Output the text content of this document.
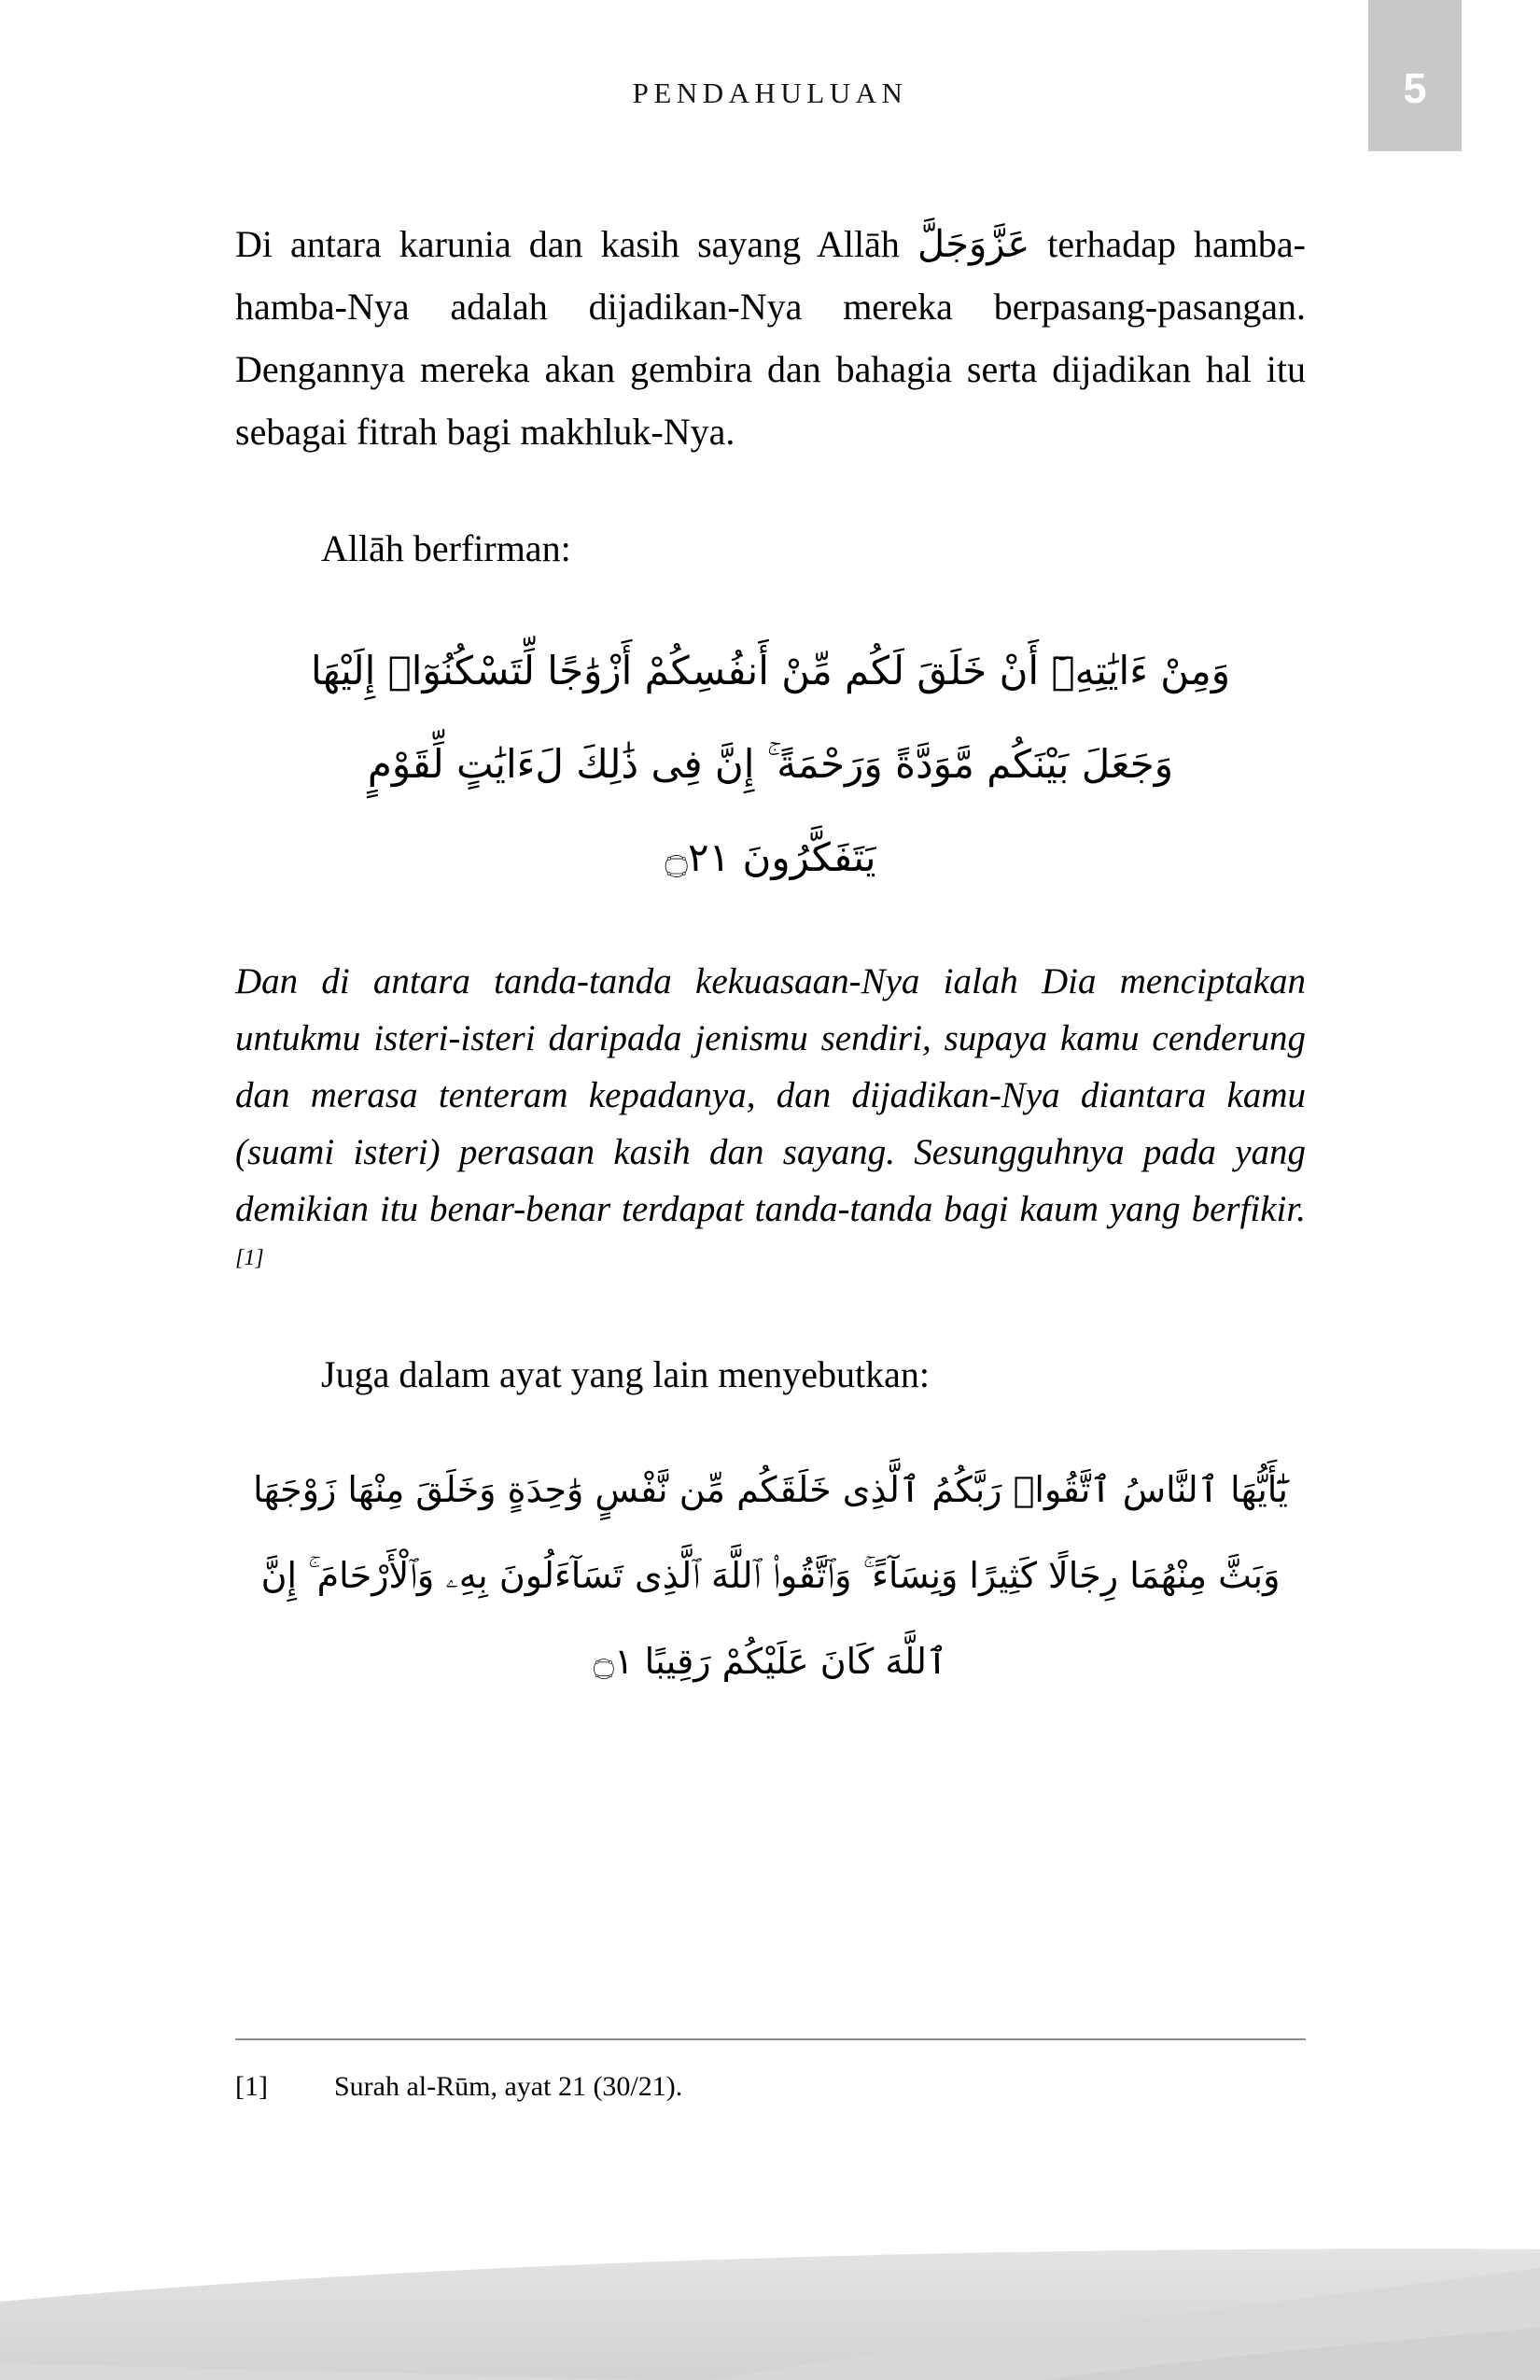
PENDAHULUAN	5

Di antara karunia dan kasih sayang Allāh عَزَّوَجَلَّ terhadap hamba-hamba-Nya adalah dijadikan-Nya mereka berpasang-pasangan. Dengannya mereka akan gembira dan bahagia serta dijadikan hal itu sebagai fitrah bagi makhluk-Nya.

Allāh berfirman:

وَمِنْ ءَايَٰتِهِۦٓ أَنْ خَلَقَ لَكُم مِّنْ أَنفُسِكُمْ أَزْوَٰجًا لِّتَسْكُنُوٓا۟ إِلَيْهَا
وَجَعَلَ بَيْنَكُم مَّوَدَّةً وَرَحْمَةً ۚ إِنَّ فِى ذَٰلِكَ لَءَايَٰتٍ لِّقَوْمٍ
يَتَفَكَّرُونَ ۝٢١

Dan di antara tanda-tanda kekuasaan-Nya ialah Dia menciptakan untukmu isteri-isteri daripada jenismu sendiri, supaya kamu cenderung dan merasa tenteram kepadanya, dan dijadikan-Nya diantara kamu (suami isteri) perasaan kasih dan sayang. Sesungguhnya pada yang demikian itu benar-benar terdapat tanda-tanda bagi kaum yang berfikir.[1]

Juga dalam ayat yang lain menyebutkan:

يَٰٓأَيُّهَا ٱلنَّاسُ ٱتَّقُوا۟ رَبَّكُمُ ٱلَّذِى خَلَقَكُم مِّن نَّفْسٍ وَٰحِدَةٍ وَخَلَقَ مِنْهَا زَوْجَهَا
وَبَثَّ مِنْهُمَا رِجَالًا كَثِيرًا وَنِسَآءً ۚ وَٱتَّقُوا۟ ٱللَّهَ ٱلَّذِى تَسَآءَلُونَ بِهِۦ وَٱلْأَرْحَامَ ۚ إِنَّ
ٱللَّهَ كَانَ عَلَيْكُمْ رَقِيبًا ۝١
[1]	Surah al-Rūm, ayat 21 (30/21).
